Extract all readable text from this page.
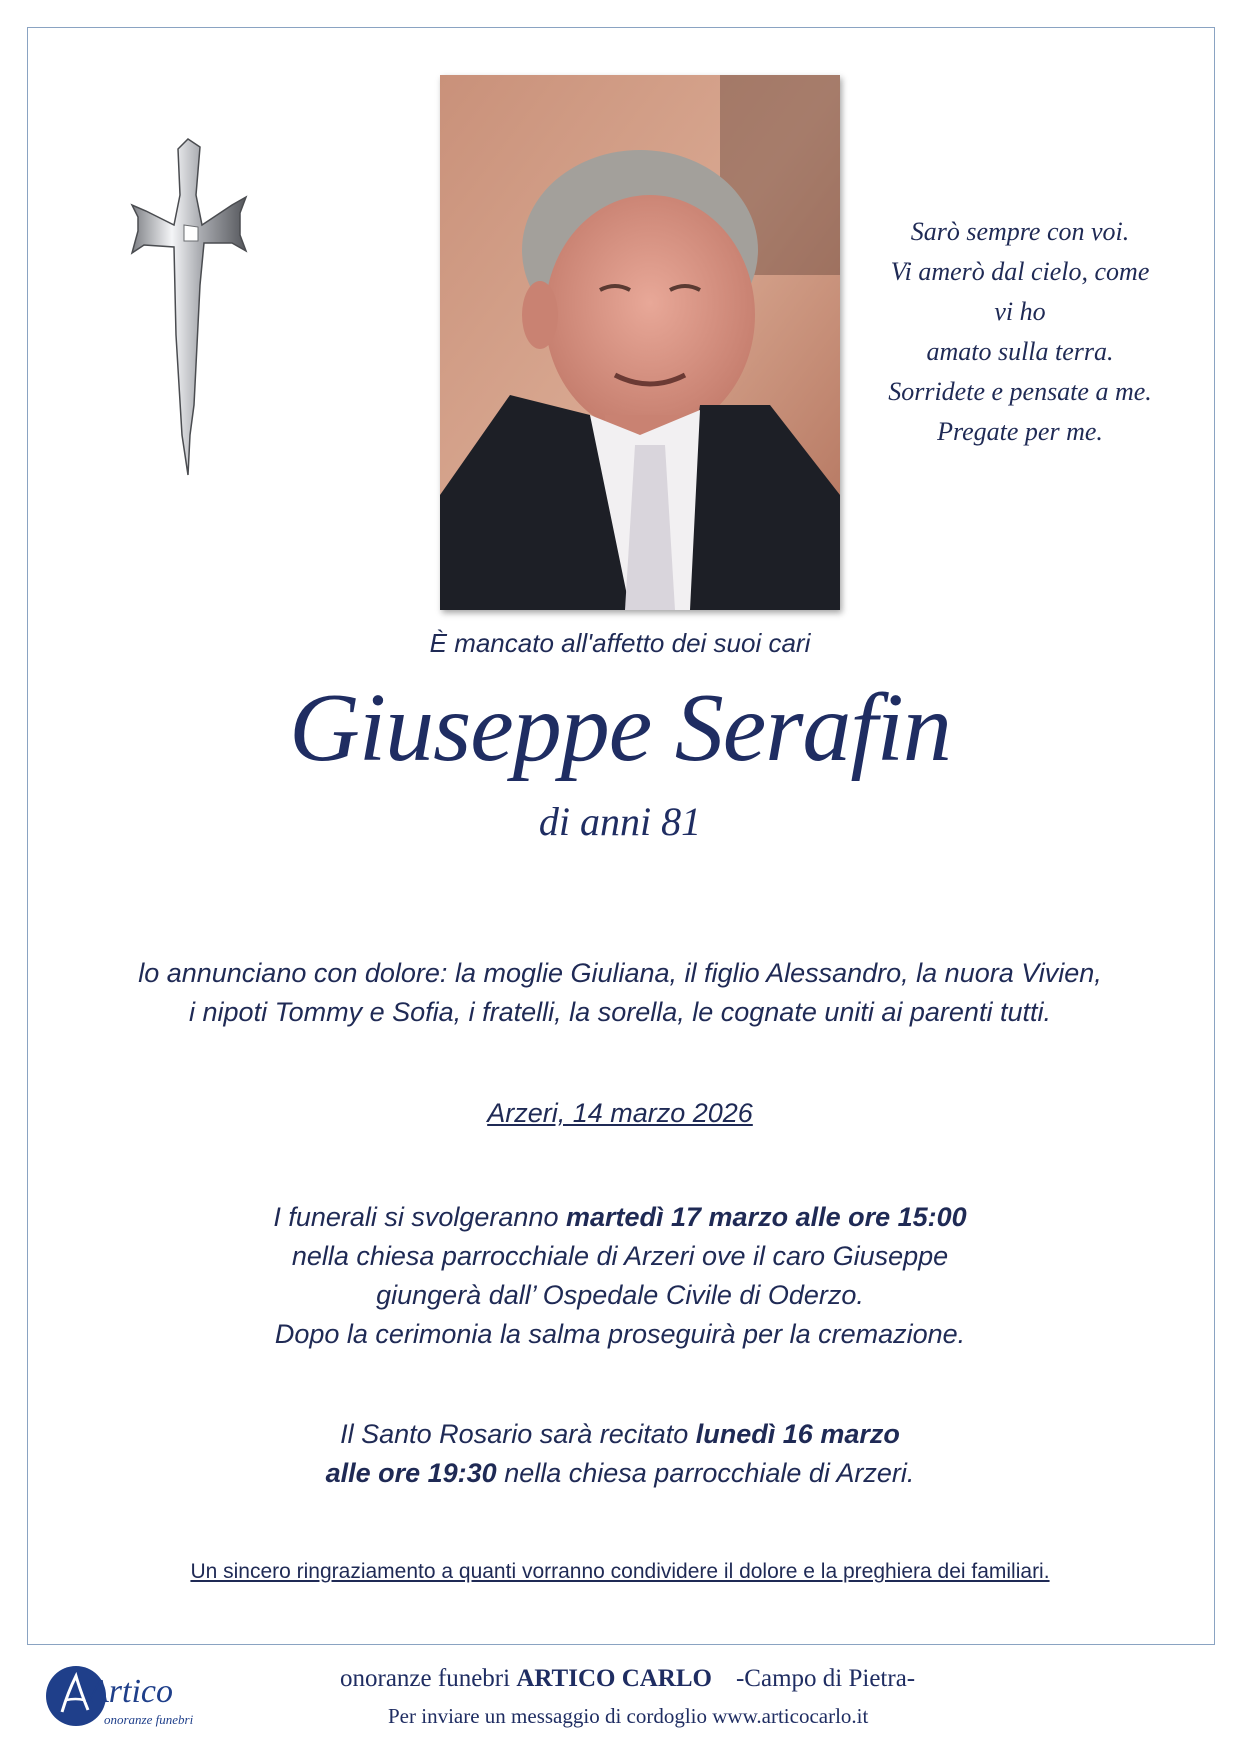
Sarò sempre con voi.
Vi amerò dal cielo, come
vi ho
amato sulla terra.
Sorridete e pensate a me.
Pregate per me.
È mancato all'affetto dei suoi cari
Giuseppe Serafin
di anni 81
lo annunciano con dolore: la moglie Giuliana, il figlio Alessandro, la nuora Vivien,
i nipoti Tommy e Sofia, i fratelli, la sorella, le cognate uniti ai parenti tutti.
Arzeri, 14 marzo 2026
I funerali si svolgeranno martedì 17 marzo alle ore 15:00
nella chiesa parrocchiale di Arzeri ove il caro Giuseppe
giungerà dall’ Ospedale Civile di Oderzo.
Dopo la cerimonia la salma proseguirà per la cremazione.
Il Santo Rosario sarà recitato lunedì 16 marzo
alle ore 19:30 nella chiesa parrocchiale di Arzeri.
Un sincero ringraziamento a quanti vorranno condividere il dolore e la preghiera dei familiari.
Artico
onoranze funebri
onoranze funebri ARTICO CARLO -Campo di Pietra-
Per inviare un messaggio di cordoglio www.articocarlo.it
